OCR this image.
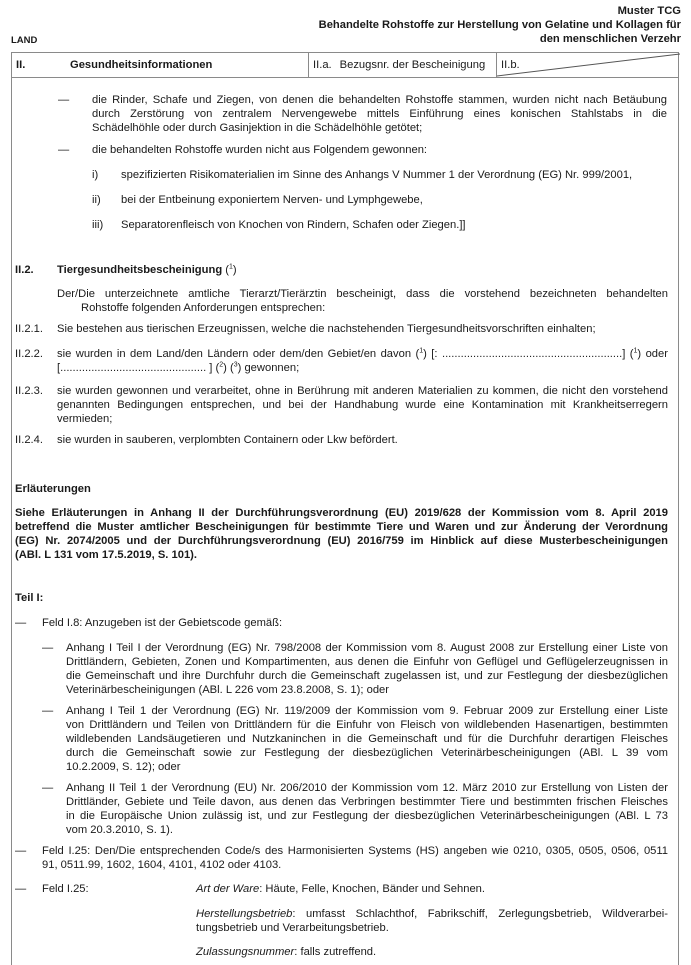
Muster TCG
Behandelte Rohstoffe zur Herstellung von Gelatine und Kollagen für
den menschlichen Verzehr
LAND
II.	Gesundheitsinformationen	II.a. Bezugsnr. der Bescheinigung II.b.
— die Rinder, Schafe und Ziegen, von denen die behandelten Rohstoffe stammen, wurden nicht nach Betäubung
durch Zerstörung von zentralem Nervengewebe mittels Einführung eines konischen Stahlstabs in die
Schädelhöhle oder durch Gasinjektion in die Schädelhöhle getötet;
— die behandelten Rohstoffe wurden nicht aus Folgendem gewonnen:
i) spezifizierten Risikomaterialien im Sinne des Anhangs V Nummer 1 der Verordnung (EG) Nr. 999/2001,
ii) bei der Entbeinung exponiertem Nerven- und Lymphgewebe,
iii) Separatorenfleisch von Knochen von Rindern, Schafen oder Ziegen.]]
II.2. Tiergesundheitsbescheinigung ($^1$)
Der/Die unterzeichnete amtliche Tierarzt/Tierärztin bescheinigt, dass die vorstehend bezeichneten behandelten
Rohstoffe folgenden Anforderungen entsprechen:
II.2.1. Sie bestehen aus tierischen Erzeugnissen, welche die nachstehenden Tiergesundheitsvorschriften einhalten;
II.2.2. sie wurden in dem Land/den Ländern oder dem/den Gebiet/en davon ($^1$) [: ..........................................................] ($^1$) oder
[............................................... ] ($^2$) ($^3$) gewonnen;
II.2.3. sie wurden gewonnen und verarbeitet, ohne in Berührung mit anderen Materialien zu kommen, die nicht den vorstehend
genannten Bedingungen entsprechen, und bei der Handhabung wurde eine Kontamination mit Krankheitserregern
vermieden;
II.2.4. sie wurden in sauberen, verplombten Containern oder Lkw befördert.
Erläuterungen
Siehe Erläuterungen in Anhang II der Durchführungsverordnung (EU) 2019/628 der Kommission vom 8. April 2019
betreffend die Muster amtlicher Bescheinigungen für bestimmte Tiere und Waren und zur Änderung der Verordnung
(EG) Nr. 2074/2005 und der Durchführungsverordnung (EU) 2016/759 im Hinblick auf diese Musterbescheinigungen
(ABl. L 131 vom 17.5.2019, S. 101).
Teil I:
— Feld I.8: Anzugeben ist der Gebietscode gemäß:
— Anhang I Teil I der Verordnung (EG) Nr. 798/2008 der Kommission vom 8. August 2008 zur Erstellung einer Liste von
Drittländern, Gebieten, Zonen und Kompartimenten, aus denen die Einfuhr von Geflügel und Geflügelerzeugnissen in
die Gemeinschaft und ihre Durchfuhr durch die Gemeinschaft zugelassen ist, und zur Festlegung der diesbezüglichen
Veterinärbescheinigungen (ABl. L 226 vom 23.8.2008, S. 1); oder
— Anhang I Teil 1 der Verordnung (EG) Nr. 119/2009 der Kommission vom 9. Februar 2009 zur Erstellung einer Liste
von Drittländern und Teilen von Drittländern für die Einfuhr von Fleisch von wildlebenden Hasenartigen, bestimmten
wildlebenden Landsäugetieren und Nutzkaninchen in die Gemeinschaft und für die Durchfuhr derartigen Fleisches
durch die Gemeinschaft sowie zur Festlegung der diesbezüglichen Veterinärbescheinigungen (ABl. L 39 vom
10.2.2009, S. 12); oder
— Anhang II Teil 1 der Verordnung (EU) Nr. 206/2010 der Kommission vom 12. März 2010 zur Erstellung von Listen der
Drittländer, Gebiete und Teile davon, aus denen das Verbringen bestimmter Tiere und bestimmten frischen Fleisches
in die Europäische Union zulässig ist, und zur Festlegung der diesbezüglichen Veterinärbescheinigungen (ABl. L 73
vom 20.3.2010, S. 1).
— Feld I.25: Den/Die entsprechenden Code/s des Harmonisierten Systems (HS) angeben wie 0210, 0305, 0505, 0506, 0511
91, 0511.99, 1602, 1604, 4101, 4102 oder 4103.
— Feld I.25:	Art der Ware: Häute, Felle, Knochen, Bänder und Sehnen.
Herstellungsbetrieb: umfasst Schlachthof, Fabrikschiff, Zerlegungsbetrieb, Wildverarbei-
tungsbetrieb und Verarbeitungsbetrieb.
Zulassungsnummer: falls zutreffend.
